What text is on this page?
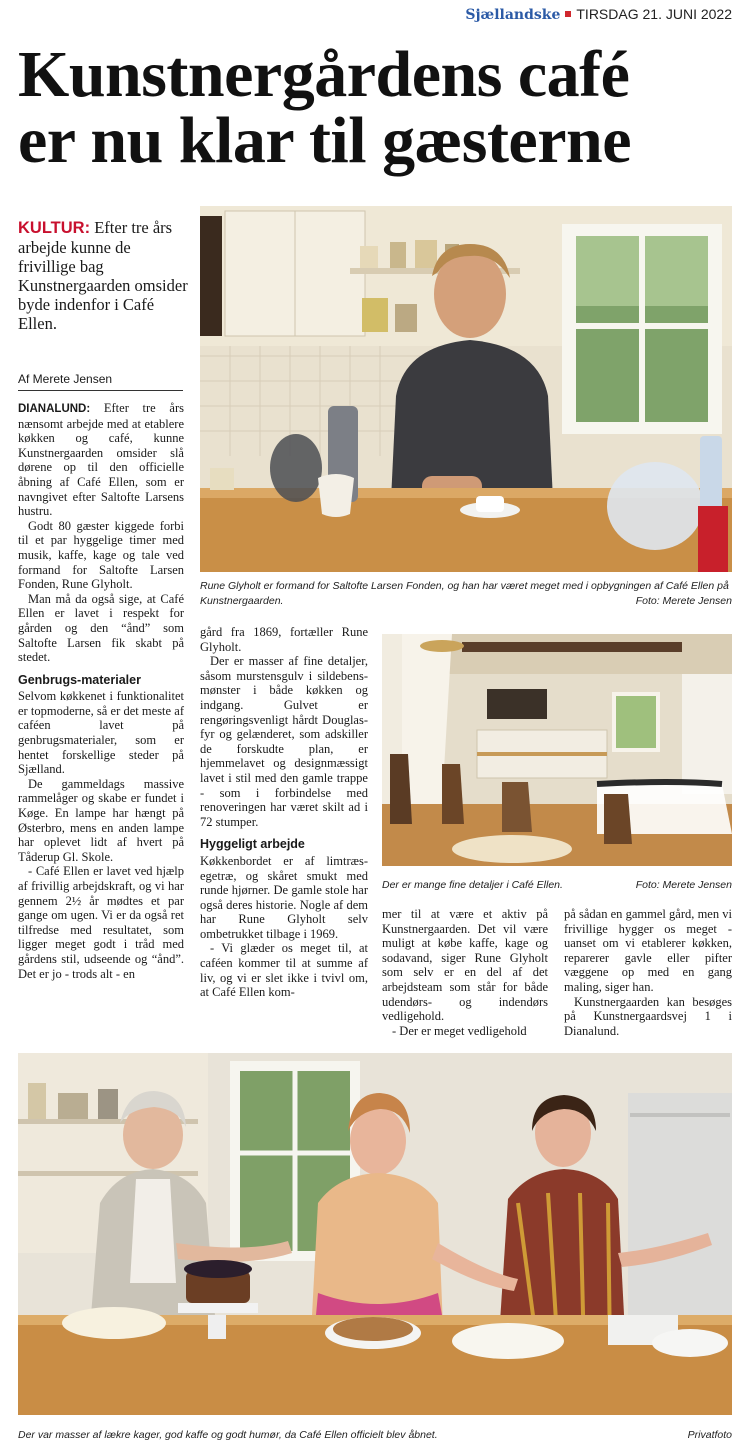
Sjællandske TIRSDAG 21. JUNI 2022
Kunstnergårdens café
er nu klar til gæsterne
KULTUR: Efter tre års arbejde kunne de frivillige bag Kunstnergaarden omsider byde indenfor i Café Ellen.
Af Merete Jensen
Rune Glyholt er formand for Saltofte Larsen Fonden, og han har været meget med i opbygningen af Café Ellen på Kunstnergaarden.	Foto: Merete Jensen
Der er mange fine detaljer i Café Ellen.	Foto: Merete Jensen

DIANALUND: Efter tre års nænsomt arbejde med at etablere køkken og café, kunne Kunstnergaarden omsider slå dørene op til den officielle åbning af Café Ellen, som er navngivet efter Saltofte Larsens hustru.

Godt 80 gæster kiggede forbi til et par hyggelige timer med musik, kaffe, kage og tale ved formand for Saltofte Larsen Fonden, Rune Glyholt.

Man må da også sige, at Café Ellen er lavet i respekt for gården og den “ånd” som Saltofte Larsen fik skabt på stedet.

Genbrugs-materialer

Selvom køkkenet i funktionalitet er topmoderne, så er det meste af caféen lavet på genbrugsmaterialer, som er hentet forskellige steder på Sjælland.

De gammeldags massive rammelåger og skabe er fundet i Køge. En lampe har hængt på Østerbro, mens en anden lampe har oplevet lidt af hvert på Tåderup Gl. Skole.

- Café Ellen er lavet ved hjælp af frivillig arbejdskraft, og vi har gennem 2½ år mødtes et par gange om ugen. Vi er da også ret tilfredse med resultatet, som ligger meget godt i tråd med gårdens stil, udseende og “ånd”. Det er jo - trods alt - en

gård fra 1869, fortæller Rune Glyholt.

Der er masser af fine detaljer, såsom murstensgulv i sildebens-mønster i både køkken og indgang. Gulvet er rengøringsvenligt hårdt Douglas-fyr og gelænderet, som adskiller de forskudte plan, er hjemmelavet og designmæssigt lavet i stil med den gamle trappe - som i forbindelse med renoveringen har været skilt ad i 72 stumper.

Hyggeligt arbejde

Køkkenbordet er af limtræs-egetræ, og skåret smukt med runde hjørner. De gamle stole har også deres historie. Nogle af dem har Rune Glyholt selv ombetrukket tilbage i 1969.

- Vi glæder os meget til, at caféen kommer til at summe af liv, og vi er slet ikke i tvivl om, at Café Ellen kom-

mer til at være et aktiv på Kunstnergaarden. Det vil være muligt at købe kaffe, kage og sodavand, siger Rune Glyholt som selv er en del af det arbejdsteam som står for både udendørs- og indendørs vedligehold.

- Der er meget vedligehold

på sådan en gammel gård, men vi frivillige hygger os meget - uanset om vi etablerer køkken, reparerer gavle eller pifter væggene op med en gang maling, siger han.

Kunstnergaarden kan besøges på Kunstnergaardsvej 1 i Dianalund.

Der var masser af lækre kager, god kaffe og godt humør, da Café Ellen officielt blev åbnet.	Privatfoto
